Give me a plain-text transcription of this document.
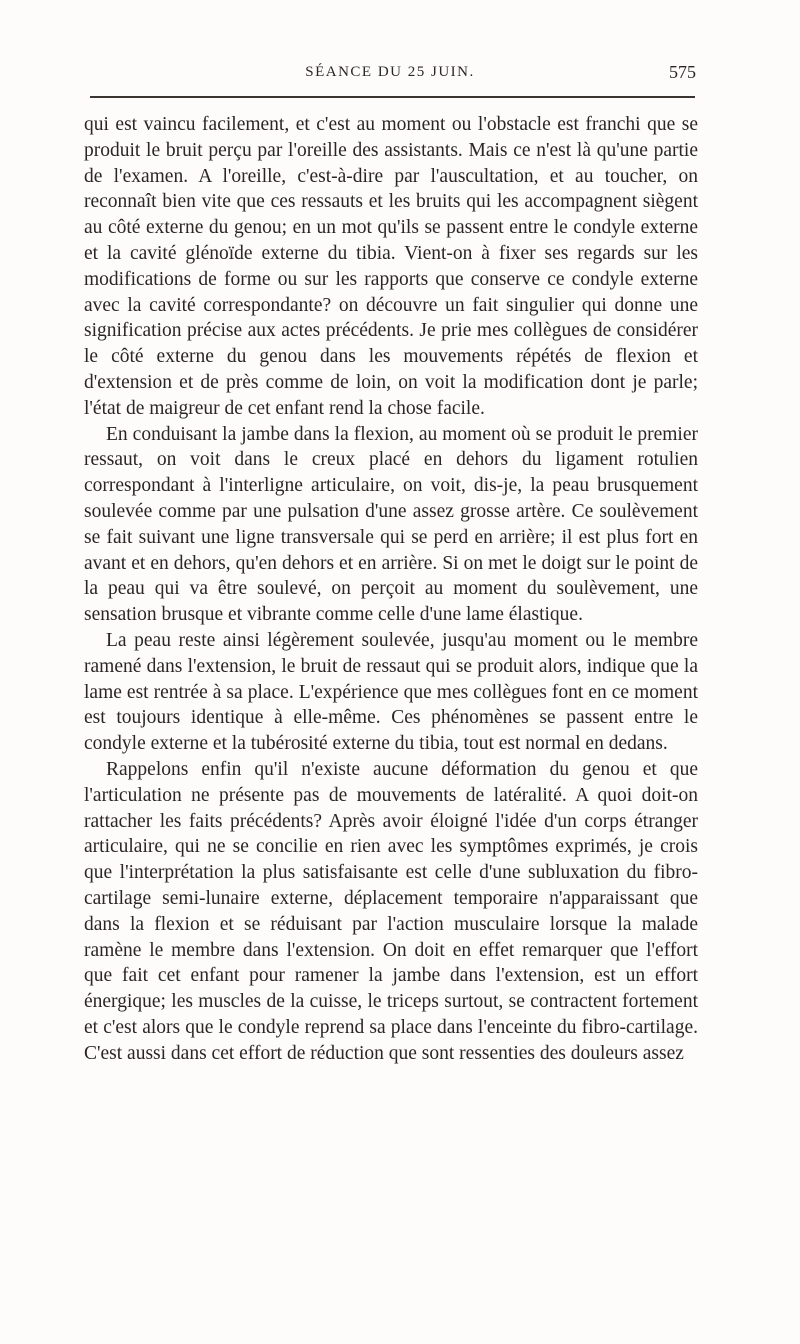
SÉANCE DU 25 JUIN.	575

qui est vaincu facilement, et c'est au moment ou l'obstacle est franchi que se produit le bruit perçu par l'oreille des assistants. Mais ce n'est là qu'une partie de l'examen. A l'oreille, c'est-à-dire par l'auscultation, et au toucher, on reconnaît bien vite que ces ressauts et les bruits qui les accompagnent siègent au côté externe du genou; en un mot qu'ils se passent entre le condyle externe et la cavité glénoïde externe du tibia. Vient-on à fixer ses regards sur les modifications de forme ou sur les rapports que conserve ce condyle externe avec la cavité correspondante? on découvre un fait singulier qui donne une signification précise aux actes précédents. Je prie mes collègues de considérer le côté externe du genou dans les mouvements répétés de flexion et d'extension et de près comme de loin, on voit la modification dont je parle; l'état de maigreur de cet enfant rend la chose facile.

En conduisant la jambe dans la flexion, au moment où se produit le premier ressaut, on voit dans le creux placé en dehors du ligament rotulien correspondant à l'interligne articulaire, on voit, dis-je, la peau brusquement soulevée comme par une pulsation d'une assez grosse artère. Ce soulèvement se fait suivant une ligne transversale qui se perd en arrière; il est plus fort en avant et en dehors, qu'en dehors et en arrière. Si on met le doigt sur le point de la peau qui va être soulevé, on perçoit au moment du soulèvement, une sensation brusque et vibrante comme celle d'une lame élastique.

La peau reste ainsi légèrement soulevée, jusqu'au moment ou le membre ramené dans l'extension, le bruit de ressaut qui se produit alors, indique que la lame est rentrée à sa place. L'expérience que mes collègues font en ce moment est toujours identique à elle-même. Ces phénomènes se passent entre le condyle externe et la tubérosité externe du tibia, tout est normal en dedans.

Rappelons enfin qu'il n'existe aucune déformation du genou et que l'articulation ne présente pas de mouvements de latéralité. A quoi doit-on rattacher les faits précédents? Après avoir éloigné l'idée d'un corps étranger articulaire, qui ne se concilie en rien avec les symptômes exprimés, je crois que l'interprétation la plus satisfaisante est celle d'une subluxation du fibro-cartilage semi-lunaire externe, déplacement temporaire n'apparaissant que dans la flexion et se réduisant par l'action musculaire lorsque la malade ramène le membre dans l'extension. On doit en effet remarquer que l'effort que fait cet enfant pour ramener la jambe dans l'extension, est un effort énergique; les muscles de la cuisse, le triceps surtout, se contractent fortement et c'est alors que le condyle reprend sa place dans l'enceinte du fibro-cartilage. C'est aussi dans cet effort de réduction que sont ressenties des douleurs assez
